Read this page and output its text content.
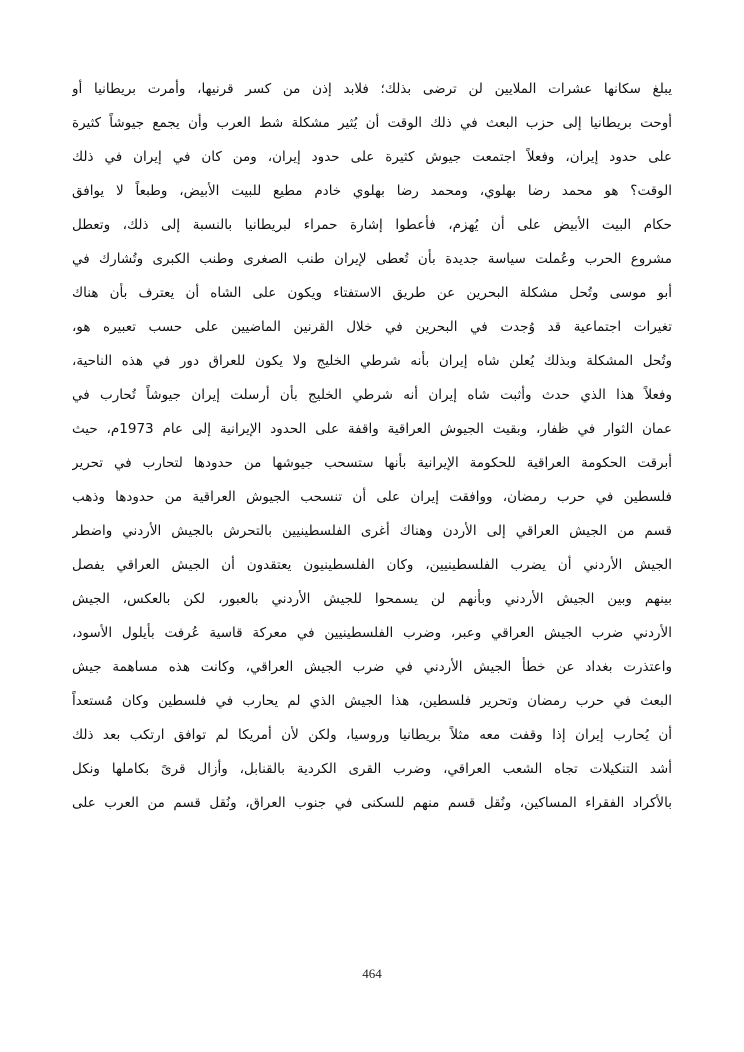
يبلغ سكانها عشرات الملايين لن ترضى بذلك؛ فلابد إذن من كسر قرنيها، وأمرت بريطانيا أو
أوحت بريطانيا إلى حزب البعث في ذلك الوقت أن يُثير مشكلة شط العرب وأن يجمع جيوشاً كثيرة
على حدود إيران، وفعلاً اجتمعت جيوش كثيرة على حدود إيران، ومن كان في إيران في ذلك
الوقت؟ هو محمد رضا بهلوي، ومحمد رضا بهلوي خادم مطيع للبيت الأبيض، وطبعاً لا يوافق
حكام البيت الأبيض على أن يُهزم، فأعطوا إشارة حمراء لبريطانيا بالنسبة إلى ذلك، وتعطل
مشروع الحرب وعُملت سياسة جديدة بأن تُعطى لإيران طنب الصغرى وطنب الكبرى وتُشارك في
أبو موسى وتُحل مشكلة البحرين عن طريق الاستفتاء ويكون على الشاه أن يعترف بأن هناك
تغيرات اجتماعية قد وُجدت في البحرين في خلال القرنين الماضيين على حسب تعبيره هو،
وتُحل المشكلة وبذلك يُعلن شاه إيران بأنه شرطي الخليج ولا يكون للعراق دور في هذه الناحية،
وفعلاً هذا الذي حدث وأثبت شاه إيران أنه شرطي الخليج بأن أرسلت إيران جيوشاً تُحارب في
عمان الثوار في ظفار، وبقيت الجيوش العراقية واقفة على الحدود الإيرانية إلى عام 1973م، حيث
أبرقت الحكومة العراقية للحكومة الإيرانية بأنها ستسحب جيوشها من حدودها لتحارب في تحرير
فلسطين في حرب رمضان، ووافقت إيران على أن تنسحب الجيوش العراقية من حدودها وذهب
قسم من الجيش العراقي إلى الأردن وهناك أغرى الفلسطينيين بالتحرش بالجيش الأردني واضطر
الجيش الأردني أن يضرب الفلسطينيين، وكان الفلسطينيون يعتقدون أن الجيش العراقي يفصل
بينهم وبين الجيش الأردني وبأنهم لن يسمحوا للجيش الأردني بالعبور، لكن بالعكس، الجيش
الأردني ضرب الجيش العراقي وعبر، وضرب الفلسطينيين في معركة قاسية عُرفت بأيلول الأسود،
واعتذرت بغداد عن خطأ الجيش الأردني في ضرب الجيش العراقي، وكانت هذه مساهمة جيش
البعث في حرب رمضان وتحرير فلسطين، هذا الجيش الذي لم يحارب في فلسطين وكان مُستعداً
أن يُحارب إيران إذا وقفت معه مثلاً بريطانيا وروسيا، ولكن لأن أمريكا لم توافق ارتكب بعد ذلك
أشد التنكيلات تجاه الشعب العراقي، وضرب القرى الكردية بالقنابل، وأزال قرىً بكاملها ونكل
بالأكراد الفقراء المساكين، ونُقل قسم منهم للسكنى في جنوب العراق، ونُقل قسم من العرب على
464
